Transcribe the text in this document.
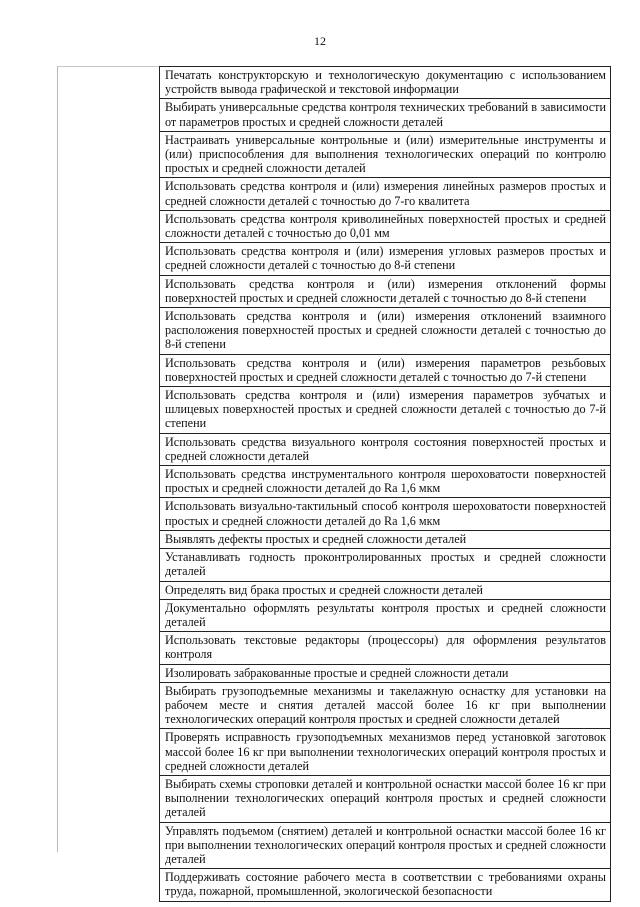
12
Печатать конструкторскую и технологическую документацию с использованием устройств вывода графической и текстовой информации
Выбирать универсальные средства контроля технических требований в зависимости от параметров простых и средней сложности деталей
Настраивать универсальные контрольные и (или) измерительные инструменты и (или) приспособления для выполнения технологических операций по контролю простых и средней сложности деталей
Использовать средства контроля и (или) измерения линейных размеров простых и средней сложности деталей с точностью до 7-го квалитета
Использовать средства контроля криволинейных поверхностей простых и средней сложности деталей с точностью до 0,01 мм
Использовать средства контроля и (или) измерения угловых размеров простых и средней сложности деталей с точностью до 8-й степени
Использовать средства контроля и (или) измерения отклонений формы поверхностей простых и средней сложности деталей с точностью до 8-й степени
Использовать средства контроля и (или) измерения отклонений взаимного расположения поверхностей простых и средней сложности деталей с точностью до 8-й степени
Использовать средства контроля и (или) измерения параметров резьбовых поверхностей простых и средней сложности деталей с точностью до 7-й степени
Использовать средства контроля и (или) измерения параметров зубчатых и шлицевых поверхностей простых и средней сложности деталей с точностью до 7-й степени
Использовать средства визуального контроля состояния поверхностей простых и средней сложности деталей
Использовать средства инструментального контроля шероховатости поверхностей простых и средней сложности деталей до Ra 1,6 мкм
Использовать визуально-тактильный способ контроля шероховатости поверхностей простых и средней сложности деталей до Ra 1,6 мкм
Выявлять дефекты простых и средней сложности деталей
Устанавливать годность проконтролированных простых и средней сложности деталей
Определять вид брака простых и средней сложности деталей
Документально оформлять результаты контроля простых и средней сложности деталей
Использовать текстовые редакторы (процессоры) для оформления результатов контроля
Изолировать забракованные простые и средней сложности детали
Выбирать грузоподъемные механизмы и такелажную оснастку для установки на рабочем месте и снятия деталей массой более 16 кг при выполнении технологических операций контроля простых и средней сложности деталей
Проверять исправность грузоподъемных механизмов перед установкой заготовок массой более 16 кг при выполнении технологических операций контроля простых и средней сложности деталей
Выбирать схемы строповки деталей и контрольной оснастки массой более 16 кг при выполнении технологических операций контроля простых и средней сложности деталей
Управлять подъемом (снятием) деталей и контрольной оснастки массой более 16 кг при выполнении технологических операций контроля простых и средней сложности деталей
Поддерживать состояние рабочего места в соответствии с требованиями охраны труда, пожарной, промышленной, экологической безопасности
